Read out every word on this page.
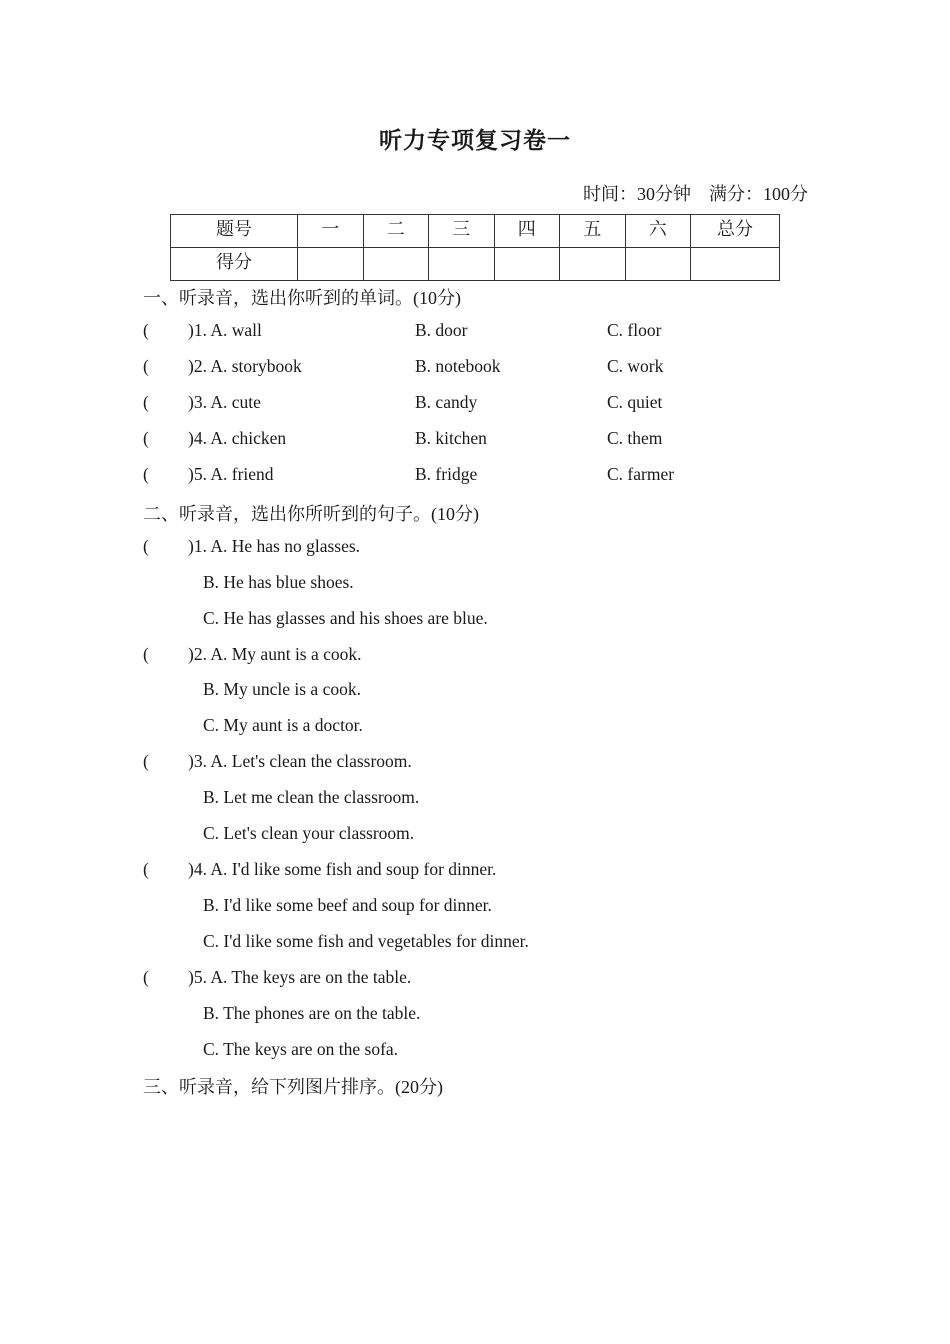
听力专项复习卷一
时间：30分钟 满分：100分
题号	一	二	三	四	五	六	总分
得分							
一、听录音，选出你听到的单词。(10分)
( )1. A. wall	B. door	C. floor
( )2. A. storybook	B. notebook	C. work
( )3. A. cute	B. candy	C. quiet
( )4. A. chicken	B. kitchen	C. them
( )5. A. friend	B. fridge	C. farmer
二、听录音，选出你所听到的句子。(10分)
( )1. A. He has no glasses.
B. He has blue shoes.
C. He has glasses and his shoes are blue.
( )2. A. My aunt is a cook.
B. My uncle is a cook.
C. My aunt is a doctor.
( )3. A. Let's clean the classroom.
B. Let me clean the classroom.
C. Let's clean your classroom.
( )4. A. I'd like some fish and soup for dinner.
B. I'd like some beef and soup for dinner.
C. I'd like some fish and vegetables for dinner.
( )5. A. The keys are on the table.
B. The phones are on the table.
C. The keys are on the sofa.
三、听录音，给下列图片排序。(20分)
